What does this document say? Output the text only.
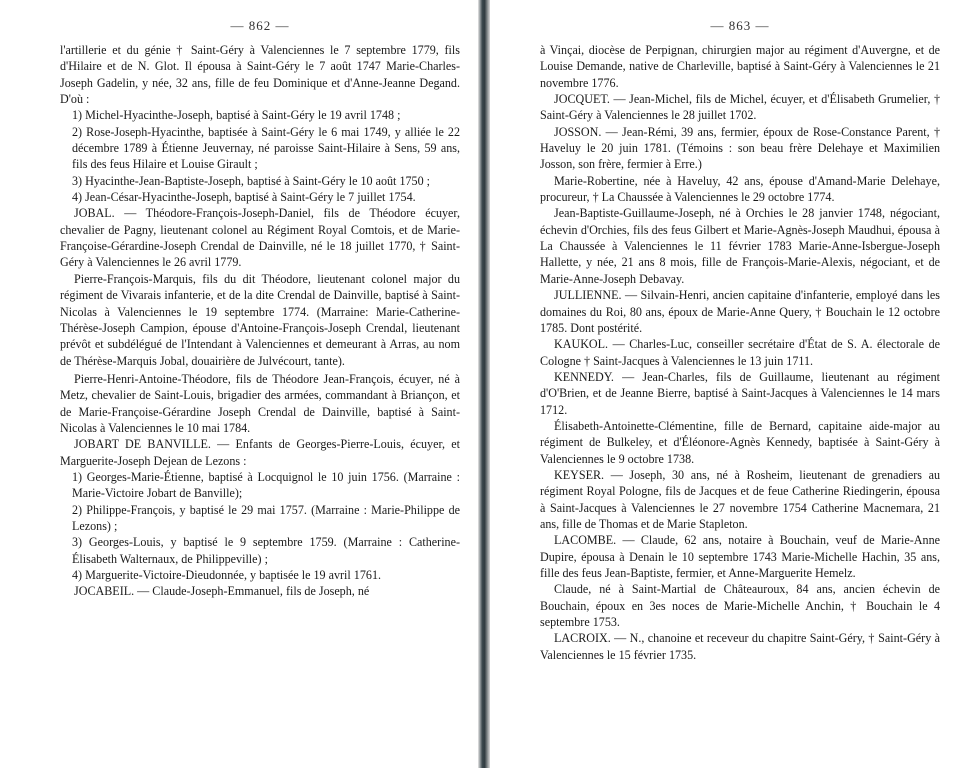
— 862 —

l'artillerie et du génie † Saint-Géry à Valenciennes le 7 septembre 1779, fils d'Hilaire et de N. Glot. Il épousa à Saint-Géry le 7 août 1747 Marie-Charles-Joseph Gadelin, y née, 32 ans, fille de feu Dominique et d'Anne-Jeanne Degand. D'où :

1) Michel-Hyacinthe-Joseph, baptisé à Saint-Géry le 19 avril 1748 ;

2) Rose-Joseph-Hyacinthe, baptisée à Saint-Géry le 6 mai 1749, y alliée le 22 décembre 1789 à Étienne Jeuvernay, né paroisse Saint-Hilaire à Sens, 59 ans, fils des feus Hilaire et Louise Girault ;

3) Hyacinthe-Jean-Baptiste-Joseph, baptisé à Saint-Géry le 10 août 1750 ;

4) Jean-César-Hyacinthe-Joseph, baptisé à Saint-Géry le 7 juillet 1754.

JOBAL. — Théodore-François-Joseph-Daniel, fils de Théodore écuyer, chevalier de Pagny, lieutenant colonel au Régiment Royal Comtois, et de Marie-Françoise-Gérardine-Joseph Crendal de Dainville, né le 18 juillet 1770, † Saint-Géry à Valenciennes le 26 avril 1779.

Pierre-François-Marquis, fils du dit Théodore, lieutenant colonel major du régiment de Vivarais infanterie, et de la dite Crendal de Dainville, baptisé à Saint-Nicolas à Valenciennes le 19 septembre 1774. (Marraine: Marie-Catherine-Thérèse-Joseph Campion, épouse d'Antoine-François-Joseph Crendal, lieutenant prévôt et subdélégué de l'Intendant à Valenciennes et demeurant à Arras, au nom de Thérèse-Marquis Jobal, douairière de Julvécourt, tante).

Pierre-Henri-Antoine-Théodore, fils de Théodore Jean-François, écuyer, né à Metz, chevalier de Saint-Louis, brigadier des armées, commandant à Briançon, et de Marie-Françoise-Gérardine Joseph Crendal de Dainville, baptisé à Saint-Nicolas à Valenciennes le 10 mai 1784.

JOBART DE BANVILLE. — Enfants de Georges-Pierre-Louis, écuyer, et Marguerite-Joseph Dejean de Lezons :

1) Georges-Marie-Étienne, baptisé à Locquignol le 10 juin 1756. (Marraine : Marie-Victoire Jobart de Banville);

2) Philippe-François, y baptisé le 29 mai 1757. (Marraine : Marie-Philippe de Lezons) ;

3) Georges-Louis, y baptisé le 9 septembre 1759. (Marraine : Catherine-Élisabeth Walternaux, de Philippeville) ;

4) Marguerite-Victoire-Dieudonnée, y baptisée le 19 avril 1761.

JOCABEIL. — Claude-Joseph-Emmanuel, fils de Joseph, né

— 863 —

à Vinçai, diocèse de Perpignan, chirurgien major au régiment d'Auvergne, et de Louise Demande, native de Charleville, baptisé à Saint-Géry à Valenciennes le 21 novembre 1776.

JOCQUET. — Jean-Michel, fils de Michel, écuyer, et d'Élisabeth Grumelier, † Saint-Géry à Valenciennes le 28 juillet 1702.

JOSSON. — Jean-Rémi, 39 ans, fermier, époux de Rose-Constance Parent, † Haveluy le 20 juin 1781. (Témoins : son beau frère Delehaye et Maximilien Josson, son frère, fermier à Erre.)

Marie-Robertine, née à Haveluy, 42 ans, épouse d'Amand-Marie Delehaye, procureur, † La Chaussée à Valenciennes le 29 octobre 1774.

Jean-Baptiste-Guillaume-Joseph, né à Orchies le 28 janvier 1748, négociant, échevin d'Orchies, fils des feus Gilbert et Marie-Agnès-Joseph Maudhui, épousa à La Chaussée à Valenciennes le 11 février 1783 Marie-Anne-Isbergue-Joseph Hallette, y née, 21 ans 8 mois, fille de François-Marie-Alexis, négociant, et de Marie-Anne-Joseph Debavay.

JULLIENNE. — Silvain-Henri, ancien capitaine d'infanterie, employé dans les domaines du Roi, 80 ans, époux de Marie-Anne Query, † Bouchain le 12 octobre 1785. Dont postérité.

KAUKOL. — Charles-Luc, conseiller secrétaire d'État de S. A. électorale de Cologne † Saint-Jacques à Valenciennes le 13 juin 1711.

KENNEDY. — Jean-Charles, fils de Guillaume, lieutenant au régiment d'O'Brien, et de Jeanne Bierre, baptisé à Saint-Jacques à Valenciennes le 14 mars 1712.

Élisabeth-Antoinette-Clémentine, fille de Bernard, capitaine aide-major au régiment de Bulkeley, et d'Éléonore-Agnès Kennedy, baptisée à Saint-Géry à Valenciennes le 9 octobre 1738.

KEYSER. — Joseph, 30 ans, né à Rosheim, lieutenant de grenadiers au régiment Royal Pologne, fils de Jacques et de feue Catherine Riedingerin, épousa à Saint-Jacques à Valenciennes le 27 novembre 1754 Catherine Macnemara, 21 ans, fille de Thomas et de Marie Stapleton.

LACOMBE. — Claude, 62 ans, notaire à Bouchain, veuf de Marie-Anne Dupire, épousa à Denain le 10 septembre 1743 Marie-Michelle Hachin, 35 ans, fille des feus Jean-Baptiste, fermier, et Anne-Marguerite Hemelz.

Claude, né à Saint-Martial de Châteauroux, 84 ans, ancien échevin de Bouchain, époux en 3es noces de Marie-Michelle Anchin, † Bouchain le 4 septembre 1753.

LACROIX. — N., chanoine et receveur du chapitre Saint-Géry, † Saint-Géry à Valenciennes le 15 février 1735.
